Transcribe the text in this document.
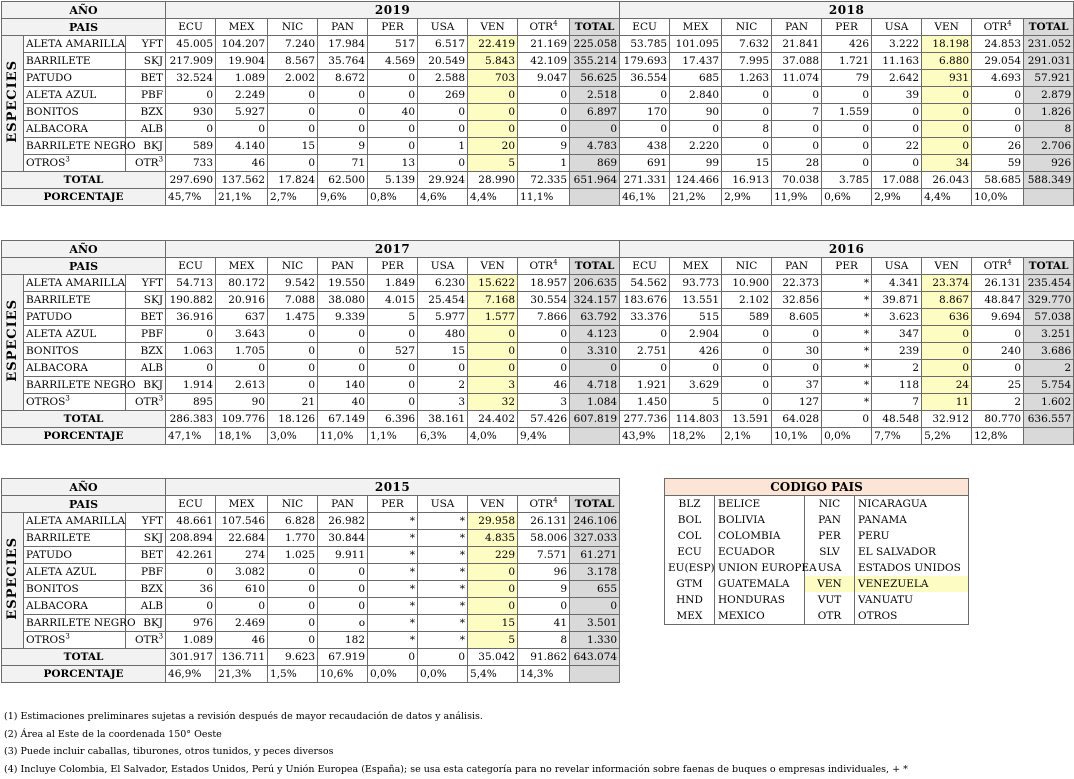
AÑO			2019									2018								
PAIS			ECU	MEX	NIC	PAN	PER	USA	VEN	OTR$^4$	TOTAL	ECU	MEX	NIC	PAN	PER	USA	VEN	OTR$^4$	TOTAL
ESPECIES	ALETA AMARILLA	YFT	45.005	104.207	7.240	17.984	517	6.517	22.419	21.169	225.058	53.785	101.095	7.632	21.841	426	3.222	18.198	24.853	231.052
	BARRILETE	SKJ	217.909	19.904	8.567	35.764	4.569	20.549	5.843	42.109	355.214	179.693	17.437	7.995	37.088	1.721	11.163	6.880	29.054	291.031
	PATUDO	BET	32.524	1.089	2.002	8.672	0	2.588	703	9.047	56.625	36.554	685	1.263	11.074	79	2.642	931	4.693	57.921
	ALETA AZUL	PBF	0	2.249	0	0	0	269	0	0	2.518	0	2.840	0	0	0	39	0	0	2.879
	BONITOS	BZX	930	5.927	0	0	40	0	0	0	6.897	170	90	0	7	1.559	0	0	0	1.826
	ALBACORA	ALB	0	0	0	0	0	0	0	0	0	0	0	8	0	0	0	0	0	8
	BARRILETE NEGRO	BKJ	589	4.140	15	9	0	1	20	9	4.783	438	2.220	0	0	0	22	0	26	2.706
	OTROS$^3$	OTR$^3$	733	46	0	71	13	0	5	1	869	691	99	15	28	0	0	34	59	926
TOTAL			297.690	137.562	17.824	62.500	5.139	29.924	28.990	72.335	651.964	271.331	124.466	16.913	70.038	3.785	17.088	26.043	58.685	588.349
PORCENTAJE			45,7%	21,1%	2,7%	9,6%	0,8%	4,6%	4,4%	11,1%		46,1%	21,2%	2,9%	11,9%	0,6%	2,9%	4,4%	10,0%	
AÑO			2017									2016								
PAIS			ECU	MEX	NIC	PAN	PER	USA	VEN	OTR$^4$	TOTAL	ECU	MEX	NIC	PAN	PER	USA	VEN	OTR$^4$	TOTAL
ESPECIES	ALETA AMARILLA	YFT	54.713	80.172	9.542	19.550	1.849	6.230	15.622	18.957	206.635	54.562	93.773	10.900	22.373	*	4.341	23.374	26.131	235.454
	BARRILETE	SKJ	190.882	20.916	7.088	38.080	4.015	25.454	7.168	30.554	324.157	183.676	13.551	2.102	32.856	*	39.871	8.867	48.847	329.770
	PATUDO	BET	36.916	637	1.475	9.339	5	5.977	1.577	7.866	63.792	33.376	515	589	8.605	*	3.623	636	9.694	57.038
	ALETA AZUL	PBF	0	3.643	0	0	0	480	0	0	4.123	0	2.904	0	0	*	347	0	0	3.251
	BONITOS	BZX	1.063	1.705	0	0	527	15	0	0	3.310	2.751	426	0	30	*	239	0	240	3.686
	ALBACORA	ALB	0	0	0	0	0	0	0	0	0	0	0	0	0	*	2	0	0	2
	BARRILETE NEGRO	BKJ	1.914	2.613	0	140	0	2	3	46	4.718	1.921	3.629	0	37	*	118	24	25	5.754
	OTROS$^3$	OTR$^3$	895	90	21	40	0	3	32	3	1.084	1.450	5	0	127	*	7	11	2	1.602
TOTAL			286.383	109.776	18.126	67.149	6.396	38.161	24.402	57.426	607.819	277.736	114.803	13.591	64.028	0	48.548	32.912	80.770	636.557
PORCENTAJE			47,1%	18,1%	3,0%	11,0%	1,1%	6,3%	4,0%	9,4%		43,9%	18,2%	2,1%	10,1%	0,0%	7,7%	5,2%	12,8%	
AÑO			2015								
PAIS			ECU	MEX	NIC	PAN	PER	USA	VEN	OTR$^4$	TOTAL
ESPECIES	ALETA AMARILLA	YFT	48.661	107.546	6.828	26.982	*	*	29.958	26.131	246.106
	BARRILETE	SKJ	208.894	22.684	1.770	30.844	*	*	4.835	58.006	327.033
	PATUDO	BET	42.261	274	1.025	9.911	*	*	229	7.571	61.271
	ALETA AZUL	PBF	0	3.082	0	0	*	*	0	96	3.178
	BONITOS	BZX	36	610	0	0	*	*	0	9	655
	ALBACORA	ALB	0	0	0	0	*	*	0	0	0
	BARRILETE NEGRO	BKJ	976	2.469	0	o	*	*	15	41	3.501
	OTROS$^3$	OTR$^3$	1.089	46	0	182	*	*	5	8	1.330
TOTAL			301.917	136.711	9.623	67.919	0	0	35.042	91.862	643.074
PORCENTAJE			46,9%	21,3%	1,5%	10,6%	0,0%	0,0%	5,4%	14,3%	
CODIGO PAIS			
BLZ	BELICE	NIC	NICARAGUA
BOL	BOLIVIA	PAN	PANAMA
COL	COLOMBIA	PER	PERU
ECU	ECUADOR	SLV	EL SALVADOR
EU(ESP)	UNION EUROPEA	USA	ESTADOS UNIDOS
GTM	GUATEMALA	VEN	VENEZUELA
HND	HONDURAS	VUT	VANUATU
MEX	MEXICO	OTR	OTROS
(1) Estimaciones preliminares sujetas a revisión después de mayor recaudación de datos y análisis.
(2) Área al Este de la coordenada 150° Oeste
(3) Puede incluir caballas, tiburones, otros tunidos, y peces diversos
(4) Incluye Colombia, El Salvador, Estados Unidos, Perú y Unión Europea (España); se usa esta categoría para no revelar información sobre faenas de buques o empresas individuales, + *
